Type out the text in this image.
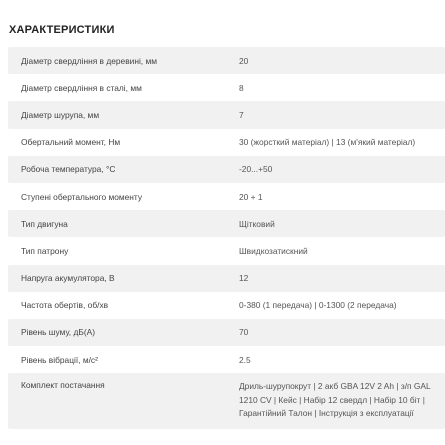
ХАРАКТЕРИСТИКИ
Діаметр свердління в деревині, мм	20
Діаметр свердління в сталі, мм	8
Діаметр шурупа, мм	7
Обертальний момент, Нм	30 (жорсткий матеріал) | 13 (м'який матеріал)
Робоча температура, °С	-20...+50
Ступені обертального моменту	20 + 1
Тип двигуна	Щітковий
Тип патрону	Швидкозатискний
Напруга акумулятора, В	12
Частота обертів, об/хв	0-380 (1 передача) | 0-1300 (2 передача)
Рівень шуму, дБ(А)	70
Рівень вібрації, м/с²	2.5
Комплект постачання	Дриль-шурупокрут | 2 акб GBA 12V 2 Ah | з/п GAL
1210 CV | Кейс | Набір 12 свердл | Набір 10 біт |
Гарантійний Талон | Інструкція з експлуатації
